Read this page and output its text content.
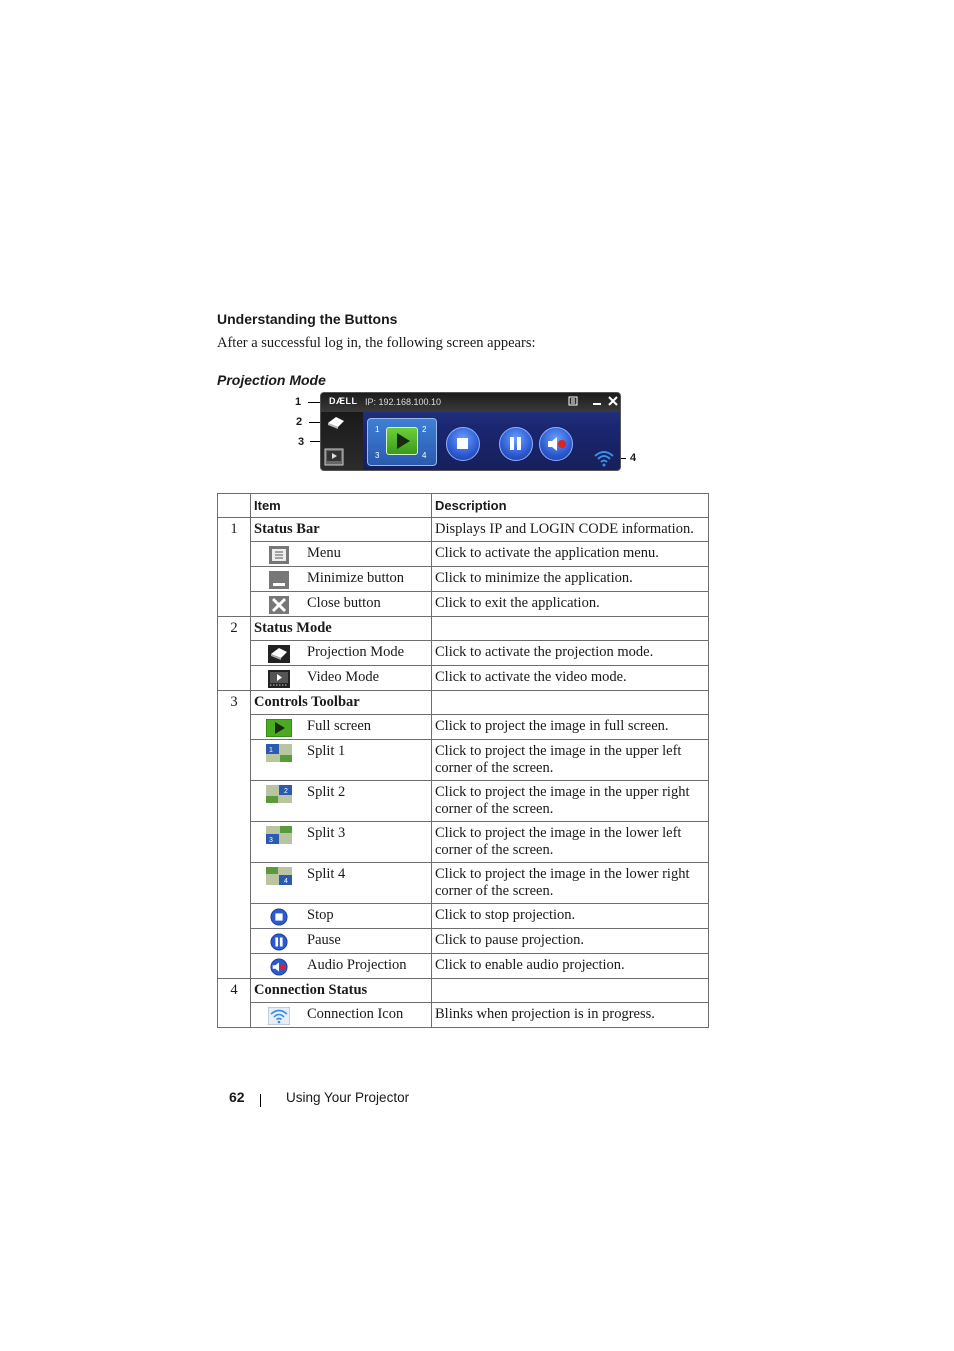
Understanding the Buttons
After a successful log in, the following screen appears:
Projection Mode
1
2
3
4
DÆLL IP: 192.168.100.10
1	2
3	4
	Item		Description
1	Status Bar		Displays IP and LOGIN CODE information.
	Menu	Click to activate the application menu.
	Minimize button	Click to minimize the application.
	Close button	Click to exit the application.
2	Status Mode		
	Projection Mode	Click to activate the projection mode.
	Video Mode	Click to activate the video mode.
3	Controls Toolbar		
	Full screen	Click to project the image in full screen.

1	Split 1	Click to project the image in the upper left
corner of the screen.

2	Split 2	Click to project the image in the upper right
corner of the screen.

3	Split 3	Click to project the image in the lower left
corner of the screen.

4	Split 4	Click to project the image in the lower right
corner of the screen.

	Stop	Click to stop projection.
	Pause	Click to pause projection.
	Audio Projection	Click to enable audio projection.
4	Connection Status		
	Connection Icon	Blinks when projection is in progress.
62	Using Your Projector
